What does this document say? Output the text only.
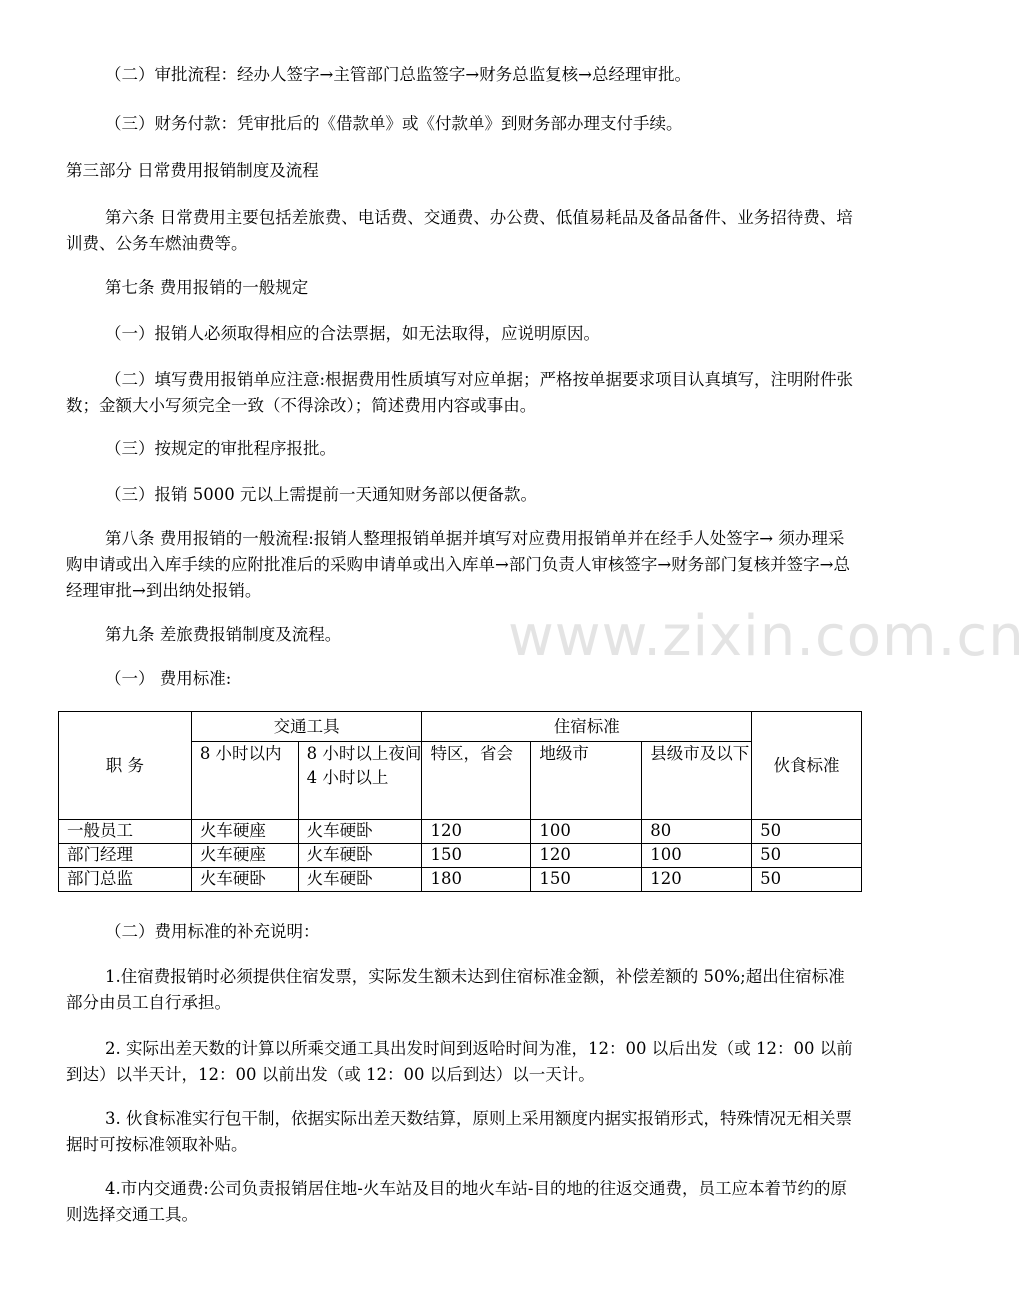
（二）审批流程：经办人签字→主管部门总监签字→财务总监复核→总经理审批。

（三）财务付款：凭审批后的《借款单》或《付款单》到财务部办理支付手续。

第三部分 日常费用报销制度及流程

第六条 日常费用主要包括差旅费、电话费、交通费、办公费、低值易耗品及备品备件、业务招待费、培训费、公务车燃油费等。

第七条 费用报销的一般规定

（一）报销人必须取得相应的合法票据，如无法取得，应说明原因。

（二）填写费用报销单应注意:根据费用性质填写对应单据；严格按单据要求项目认真填写，注明附件张数；金额大小写须完全一致（不得涂改）；简述费用内容或事由。

（三）按规定的审批程序报批。

（三）报销 5000 元以上需提前一天通知财务部以便备款。

第八条 费用报销的一般流程:报销人整理报销单据并填写对应费用报销单并在经手人处签字→ 须办理采购申请或出入库手续的应附批准后的采购申请单或出入库单→部门负责人审核签字→财务部门复核并签字→总经理审批→到出纳处报销。

第九条 差旅费报销制度及流程。	www.zixin.com.cn

（一） 费用标准:

职 务	交通工具		住宿标准			伙食标准
	8 小时以内	8 小时以上夜间 4 小时以上	特区，省会	地级市	县级市及以下	
一般员工	火车硬座	火车硬卧	120	100	80	50
部门经理	火车硬座	火车硬卧	150	120	100	50
部门总监	火车硬卧	火车硬卧	180	150	120	50

（二）费用标准的补充说明：

1.住宿费报销时必须提供住宿发票，实际发生额未达到住宿标准金额，补偿差额的 50%;超出住宿标准部分由员工自行承担。

2. 实际出差天数的计算以所乘交通工具出发时间到返哈时间为准，12：00 以后出发（或 12：00 以前到达）以半天计，12：00 以前出发（或 12：00 以后到达）以一天计。

3. 伙食标准实行包干制，依据实际出差天数结算，原则上采用额度内据实报销形式，特殊情况无相关票据时可按标准领取补贴。

4.市内交通费:公司负责报销居住地-火车站及目的地火车站-目的地的往返交通费，员工应本着节约的原则选择交通工具。
